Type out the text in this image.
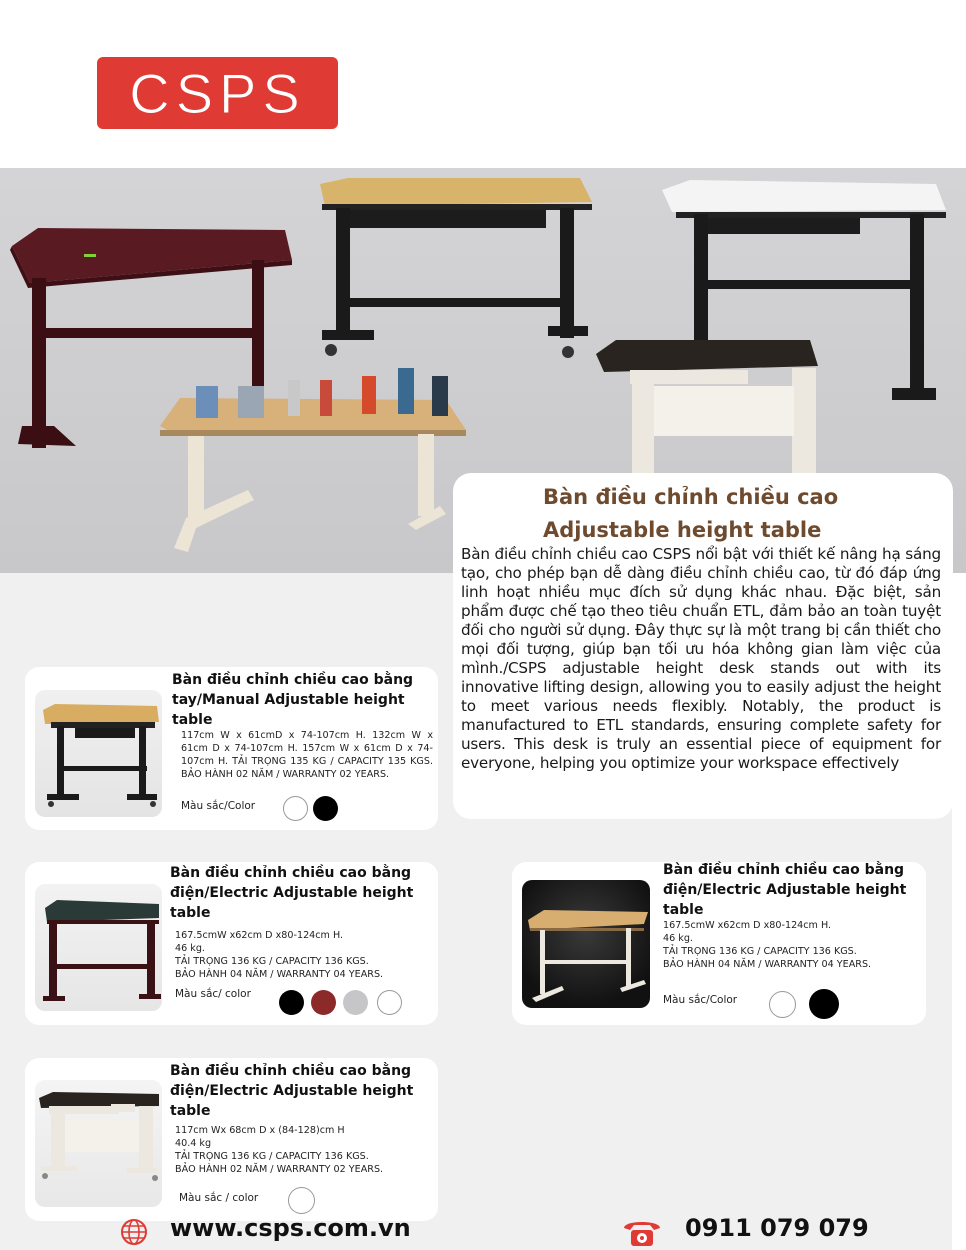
CSPS
Bàn điều chỉnh chiều cao
Adjustable height table
Bàn điều chỉnh chiều cao CSPS nổi bật với thiết kế nâng hạ sáng tạo, cho phép bạn dễ dàng điều chỉnh chiều cao, từ đó đáp ứng linh hoạt nhiều mục đích sử dụng khác nhau. Đặc biệt, sản phẩm được chế tạo theo tiêu chuẩn ETL, đảm bảo an toàn tuyệt đối cho người sử dụng. Đây thực sự là một trang bị cần thiết cho mọi đối tượng, giúp bạn tối ưu hóa không gian làm việc của mình./CSPS adjustable height desk stands out with its innovative lifting design, allowing you to easily adjust the height to meet various needs flexibly. Notably, the product is manufactured to ETL standards, ensuring complete safety for users. This desk is truly an essential piece of equipment for everyone, helping you optimize your workspace effectively
Bàn điều chỉnh chiều cao bằng tay/Manual Adjustable height table
117cm W x 61cmD x 74-107cm H. 132cm W x 61cm D x 74-107cm H. 157cm W x 61cm D x 74-107cm H. TẢI TRỌNG 135 KG / CAPACITY 135 KGS. BẢO HÀNH 02 NĂM / WARRANTY 02 YEARS.
Màu sắc/Color
Bàn điều chỉnh chiều cao bằng điện/Electric Adjustable height table
167.5cmW x62cm D x80-124cm H.
46 kg.
TẢI TRỌNG 136 KG / CAPACITY 136 KGS.
BẢO HÀNH 04 NĂM / WARRANTY 04 YEARS.
Màu sắc/ color
Bàn điều chỉnh chiều cao bằng điện/Electric Adjustable height table
167.5cmW x62cm D x80-124cm H.
46 kg.
TẢI TRỌNG 136 KG / CAPACITY 136 KGS.
BẢO HÀNH 04 NĂM / WARRANTY 04 YEARS.
Màu sắc/Color
Bàn điều chỉnh chiều cao bằng điện/Electric Adjustable height table
117cm Wx 68cm D x (84-128)cm H
40.4 kg
TẢI TRỌNG 136 KG / CAPACITY 136 KGS.
BẢO HÀNH 02 NĂM / WARRANTY 02 YEARS.
Màu sắc / color
www.csps.com.vn	0911 079 079
